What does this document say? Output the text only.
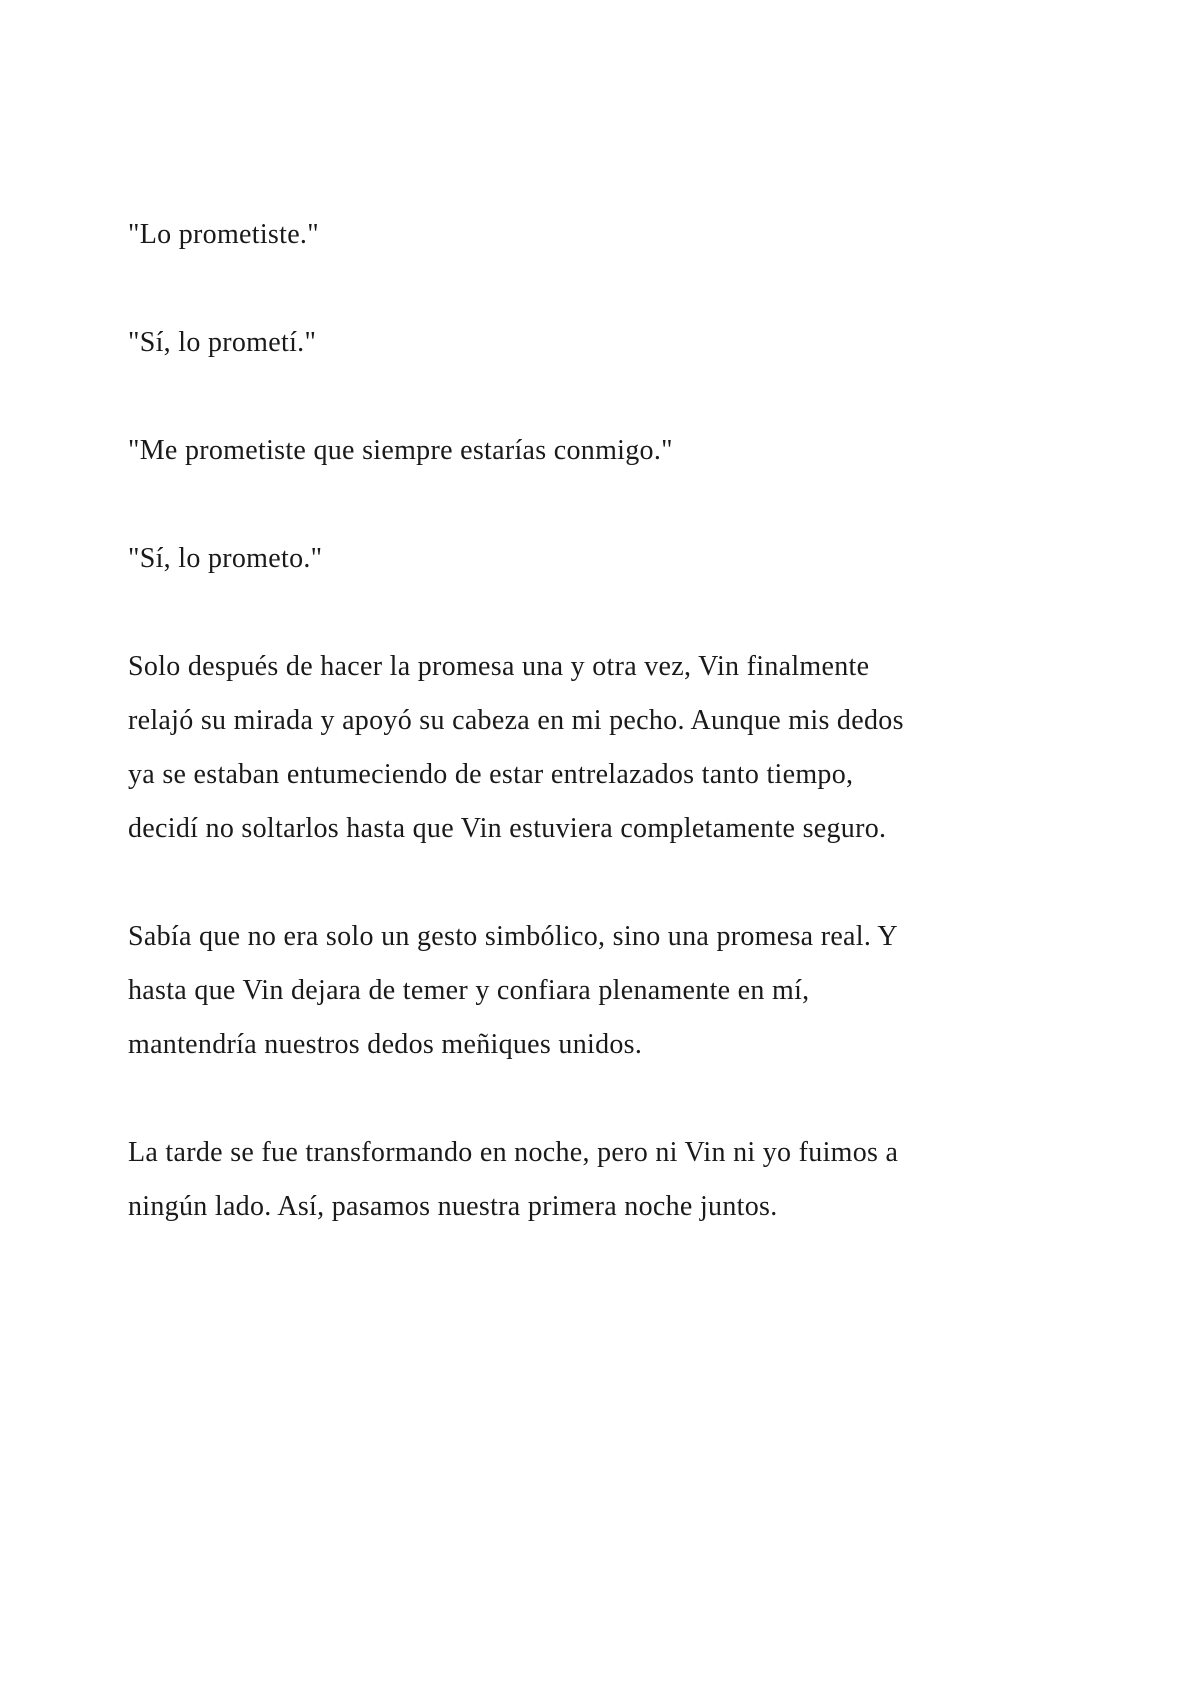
"Lo prometiste."

"Sí, lo prometí."

"Me prometiste que siempre estarías conmigo."

"Sí, lo prometo."

Solo después de hacer la promesa una y otra vez, Vin finalmente
relajó su mirada y apoyó su cabeza en mi pecho. Aunque mis dedos
ya se estaban entumeciendo de estar entrelazados tanto tiempo,
decidí no soltarlos hasta que Vin estuviera completamente seguro.

Sabía que no era solo un gesto simbólico, sino una promesa real. Y
hasta que Vin dejara de temer y confiara plenamente en mí,
mantendría nuestros dedos meñiques unidos.

La tarde se fue transformando en noche, pero ni Vin ni yo fuimos a
ningún lado. Así, pasamos nuestra primera noche juntos.
